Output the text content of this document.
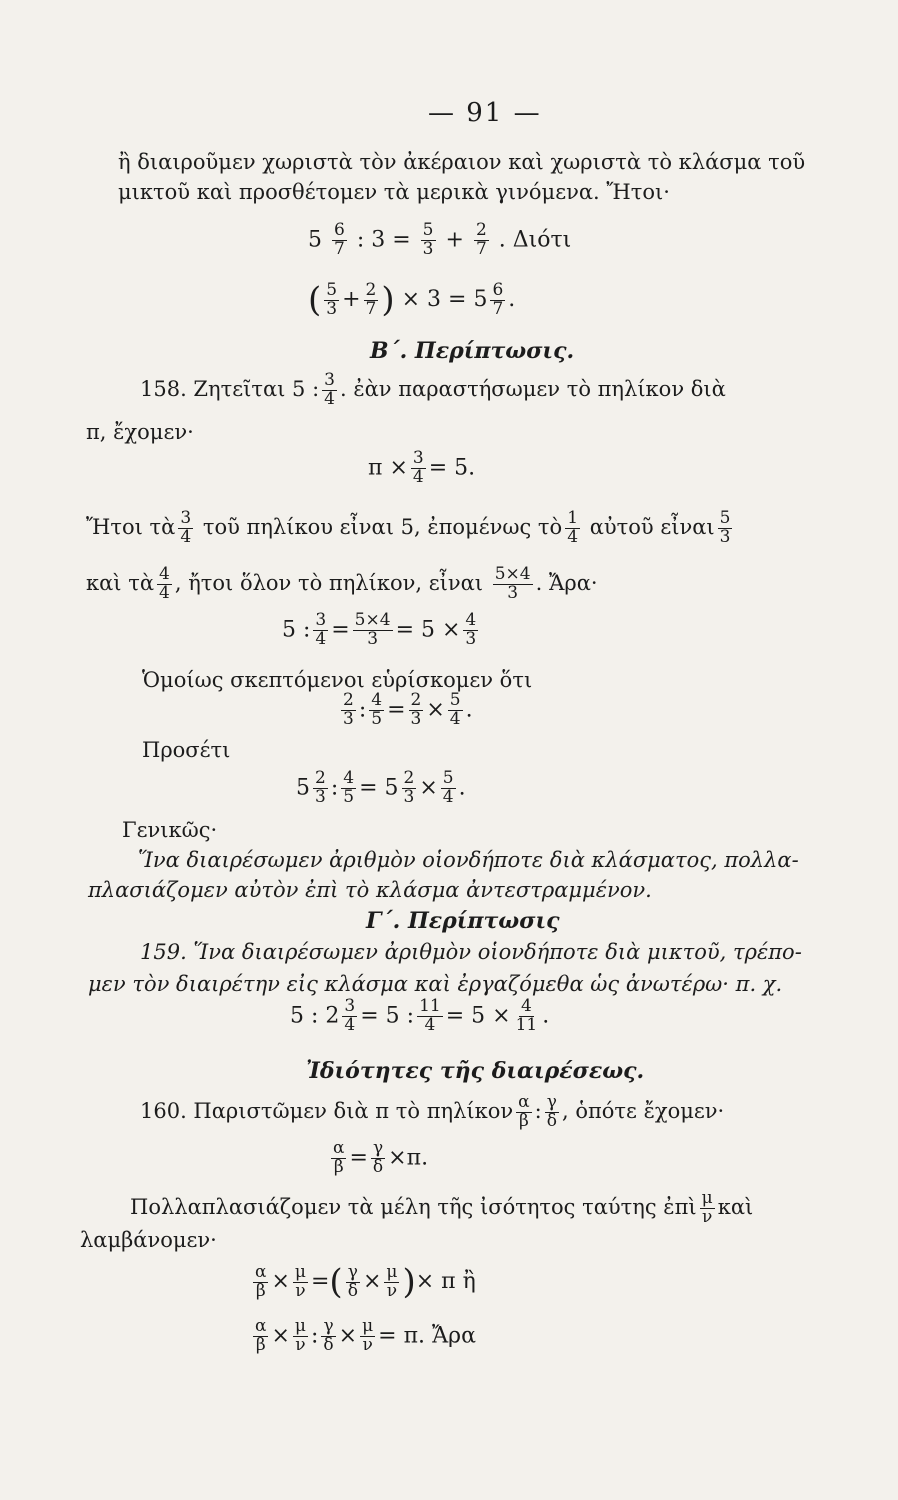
— 91 —
ἢ διαιροῦμεν χωριστὰ τὸν ἀκέραιον καὶ χωριστὰ τὸ κλάσμα τοῦ
μικτοῦ καὶ προσθέτομεν τὰ μερικὰ γινόμενα. Ἤτοι·
$5 \frac{6}{7}$ : $3 = \frac{5}{3} + \frac{2}{7}$ . Διότι
( $\frac{5}{3} + \frac{2}{7}$ ) × $3 = 5 \frac{6}{7}$ .
Β΄. Περίπτωσις.
158. Ζητεῖται 5 : $\frac{3}{4}$ . ἐὰν παραστήσωμεν τὸ πηλίκον διὰ
π, ἔχομεν·
$\pi \times \frac{3}{4} = 5$.
Ἤτοι τὰ $\frac{3}{4}$ τοῦ πηλίκου εἶναι 5, ἐπομένως τὸ $\frac{1}{4}$ αὐτοῦ εἶναι $\frac{5}{3}$
καὶ τὰ $\frac{4}{4}$ , ἤτοι ὅλον τὸ πηλίκον, εἶναι $\frac{5\times 4}{3}$ . Ἄρα·
5 : $\frac{3}{4} = \frac{5\times 4}{3} = 5 \times \frac{4}{3}$
Ὁμοίως σκεπτόμενοι εὑρίσκομεν ὅτι
$\frac{2}{3}$ : $\frac{4}{5} = \frac{2}{3} \times \frac{5}{4}$ .
Προσέτι
$5 \frac{2}{3}$ : $\frac{4}{5} = 5 \frac{2}{3} \times \frac{5}{4}$ .
Γενικῶς·
Ἵνα διαιρέσωμεν ἀριθμὸν οἱονδήποτε διὰ κλάσματος, πολλα-
πλασιάζομεν αὐτὸν ἐπὶ τὸ κλάσμα ἀντεστραμμένον.
Γ΄. Περίπτωσις
159. Ἵνα διαιρέσωμεν ἀριθμὸν οἱονδήποτε διὰ μικτοῦ, τρέπο-
μεν τὸν διαιρέτην εἰς κλάσμα καὶ ἐργαζόμεθα ὡς ἀνωτέρω· π. χ.
5 : $2 \frac{3}{4} = 5$ : $\frac{11}{4} = 5 \times \frac{4}{11}$ .
Ἰδιότητες τῆς διαιρέσεως.
160. Παριστῶμεν διὰ π τὸ πηλίκον $\frac{\alpha}{\beta}$ : $\frac{\gamma}{\delta}$ , ὁπότε ἔχομεν·
$\frac{\alpha}{\beta} = \frac{\gamma}{\delta} \times\pi$.
Πολλαπλασιάζομεν τὰ μέλη τῆς ἰσότητος ταύτης ἐπὶ $\frac{\mu}{\nu}$ καὶ
λαμβάνομεν·
$\frac{\alpha}{\beta} \times \frac{\mu}{\nu}$ =( $\frac{\gamma}{\delta} \times \frac{\mu}{\nu}$ )× π ἢ
$\frac{\alpha}{\beta} \times \frac{\mu}{\nu}$ : $\frac{\gamma}{\delta} \times \frac{\mu}{\nu} = \pi$. Ἄρα
